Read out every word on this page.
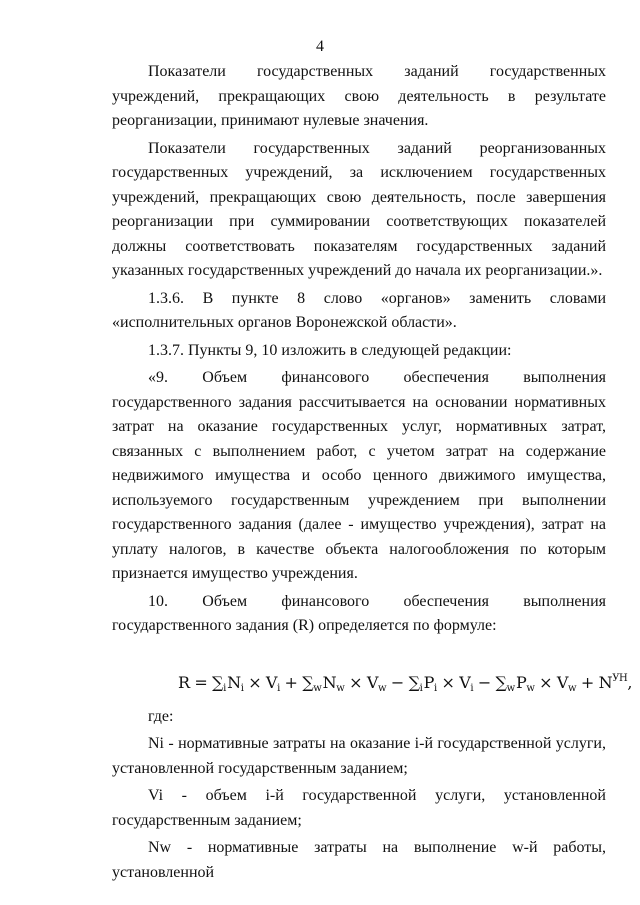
4

Показатели государственных заданий государственных учреждений, прекращающих свою деятельность в результате реорганизации, принимают нулевые значения.

Показатели государственных заданий реорганизованных государственных учреждений, за исключением государственных учреждений, прекращающих свою деятельность, после завершения реорганизации при суммировании соответствующих показателей должны соответствовать показателям государственных заданий указанных государственных учреждений до начала их реорганизации.».

1.3.6. В пункте 8 слово «органов» заменить словами «исполнительных органов Воронежской области».

1.3.7. Пункты 9, 10 изложить в следующей редакции:

«9. Объем финансового обеспечения выполнения государственного задания рассчитывается на основании нормативных затрат на оказание государственных услуг, нормативных затрат, связанных с выполнением работ, с учетом затрат на содержание недвижимого имущества и особо ценного движимого имущества, используемого государственным учреждением при выполнении государственного задания (далее - имущество учреждения), затрат на уплату налогов, в качестве объекта налогообложения по которым признается имущество учреждения.

10. Объем финансового обеспечения выполнения государственного задания (R) определяется по формуле:

$R = \sum_i$ $N_i \times V_i + \sum_w$ $N_w \times V_w - \sum_i$ $P_i \times V_i - \sum_w$ $P_w \times V_w + N^{УН}$,

где:

Ni - нормативные затраты на оказание i-й государственной услуги, установленной государственным заданием;

Vi - объем i-й государственной услуги, установленной государственным заданием;

Nw - нормативные затраты на выполнение w-й работы, установленной
